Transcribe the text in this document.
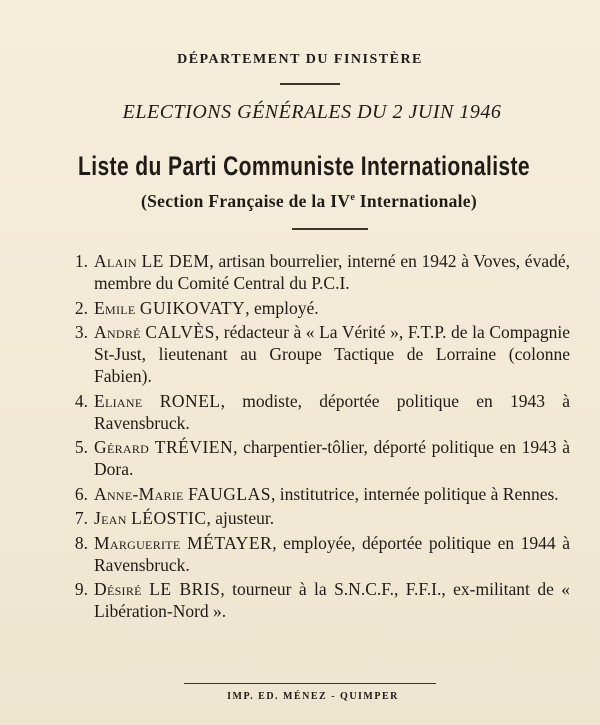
DÉPARTEMENT DU FINISTÈRE
ELECTIONS GÉNÉRALES DU 2 JUIN 1946
Liste du Parti Communiste Internationaliste
(Section Française de la IVe Internationale)
1. Alain LE DEM, artisan bourrelier, interné en 1942 à Voves, évadé, membre du Comité Central du P.C.I.
2. Emile GUIKOVATY, employé.
3. André CALVÈS, rédacteur à « La Vérité », F.T.P. de la Compagnie St-Just, lieutenant au Groupe Tactique de Lorraine (colonne Fabien).
4. Eliane RONEL, modiste, déportée politique en 1943 à Ravensbruck.
5. Gérard TRÉVIEN, charpentier-tôlier, déporté politique en 1943 à Dora.
6. Anne-Marie FAUGLAS, institutrice, internée politique à Rennes.
7. Jean LÉOSTIC, ajusteur.
8. Marguerite MÉTAYER, employée, déportée politique en 1944 à Ravensbruck.
9. Désiré LE BRIS, tourneur à la S.N.C.F., F.F.I., ex-militant de « Libération-Nord ».
IMP. ED. MÉNEZ - QUIMPER
